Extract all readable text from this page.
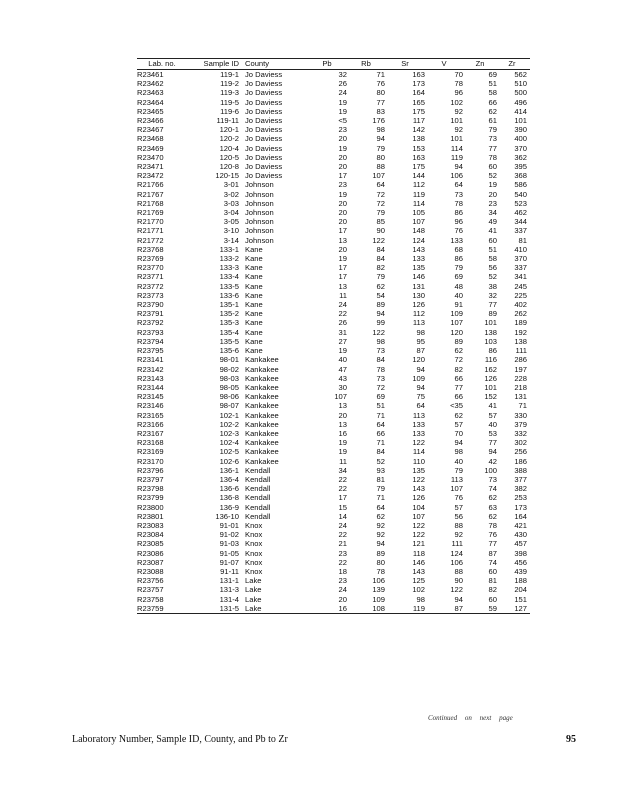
Lab. no.	Sample ID	County	Pb	Rb	Sr	V	Zn	Zr
R23461	119-1	Jo Daviess	32	71	163	70	69	562
R23462	119-2	Jo Daviess	26	76	173	78	51	510
R23463	119-3	Jo Daviess	24	80	164	96	58	500
R23464	119-5	Jo Daviess	19	77	165	102	66	496
R23465	119-6	Jo Daviess	19	83	175	92	62	414
R23466	119-11	Jo Daviess	<5	176	117	101	61	101
R23467	120-1	Jo Daviess	23	98	142	92	79	390
R23468	120-2	Jo Daviess	20	94	138	101	73	400
R23469	120-4	Jo Daviess	19	79	153	114	77	370
R23470	120-5	Jo Daviess	20	80	163	119	78	362
R23471	120-8	Jo Daviess	20	88	175	94	60	395
R23472	120-15	Jo Daviess	17	107	144	106	52	368
R21766	3-01	Johnson	23	64	112	64	19	586
R21767	3-02	Johnson	19	72	119	73	20	540
R21768	3-03	Johnson	20	72	114	78	23	523
R21769	3-04	Johnson	20	79	105	86	34	462
R21770	3-05	Johnson	20	85	107	96	49	344
R21771	3-10	Johnson	17	90	148	76	41	337
R21772	3-14	Johnson	13	122	124	133	60	81
R23768	133-1	Kane	20	84	143	68	51	410
R23769	133-2	Kane	19	84	133	86	58	370
R23770	133-3	Kane	17	82	135	79	56	337
R23771	133-4	Kane	17	79	146	69	52	341
R23772	133-5	Kane	13	62	131	48	38	245
R23773	133-6	Kane	11	54	130	40	32	225
R23790	135-1	Kane	24	89	126	91	77	402
R23791	135-2	Kane	22	94	112	109	89	262
R23792	135-3	Kane	26	99	113	107	101	189
R23793	135-4	Kane	31	122	98	120	138	192
R23794	135-5	Kane	27	98	95	89	103	138
R23795	135-6	Kane	19	73	87	62	86	111
R23141	98-01	Kankakee	40	84	120	72	116	286
R23142	98-02	Kankakee	47	78	94	82	162	197
R23143	98-03	Kankakee	43	73	109	66	126	228
R23144	98-05	Kankakee	30	72	94	77	101	218
R23145	98-06	Kankakee	107	69	75	66	152	131
R23146	98-07	Kankakee	13	51	64	<35	41	71
R23165	102-1	Kankakee	20	71	113	62	57	330
R23166	102-2	Kankakee	13	64	133	57	40	379
R23167	102-3	Kankakee	16	66	133	70	53	332
R23168	102-4	Kankakee	19	71	122	94	77	302
R23169	102-5	Kankakee	19	84	114	98	94	256
R23170	102-6	Kankakee	11	52	110	40	42	186
R23796	136-1	Kendall	34	93	135	79	100	388
R23797	136-4	Kendall	22	81	122	113	73	377
R23798	136-6	Kendall	22	79	143	107	74	382
R23799	136-8	Kendall	17	71	126	76	62	253
R23800	136-9	Kendall	15	64	104	57	63	173
R23801	136-10	Kendall	14	62	107	56	62	164
R23083	91-01	Knox	24	92	122	88	78	421
R23084	91-02	Knox	22	92	122	92	76	430
R23085	91-03	Knox	21	94	121	111	77	457
R23086	91-05	Knox	23	89	118	124	87	398
R23087	91-07	Knox	22	80	146	106	74	456
R23088	91-11	Knox	18	78	143	88	60	439
R23756	131-1	Lake	23	106	125	90	81	188
R23757	131-3	Lake	24	139	102	122	82	204
R23758	131-4	Lake	20	109	98	94	60	151
R23759	131-5	Lake	16	108	119	87	59	127
Continued on next page
Laboratory Number, Sample ID, County, and Pb to Zr	95
